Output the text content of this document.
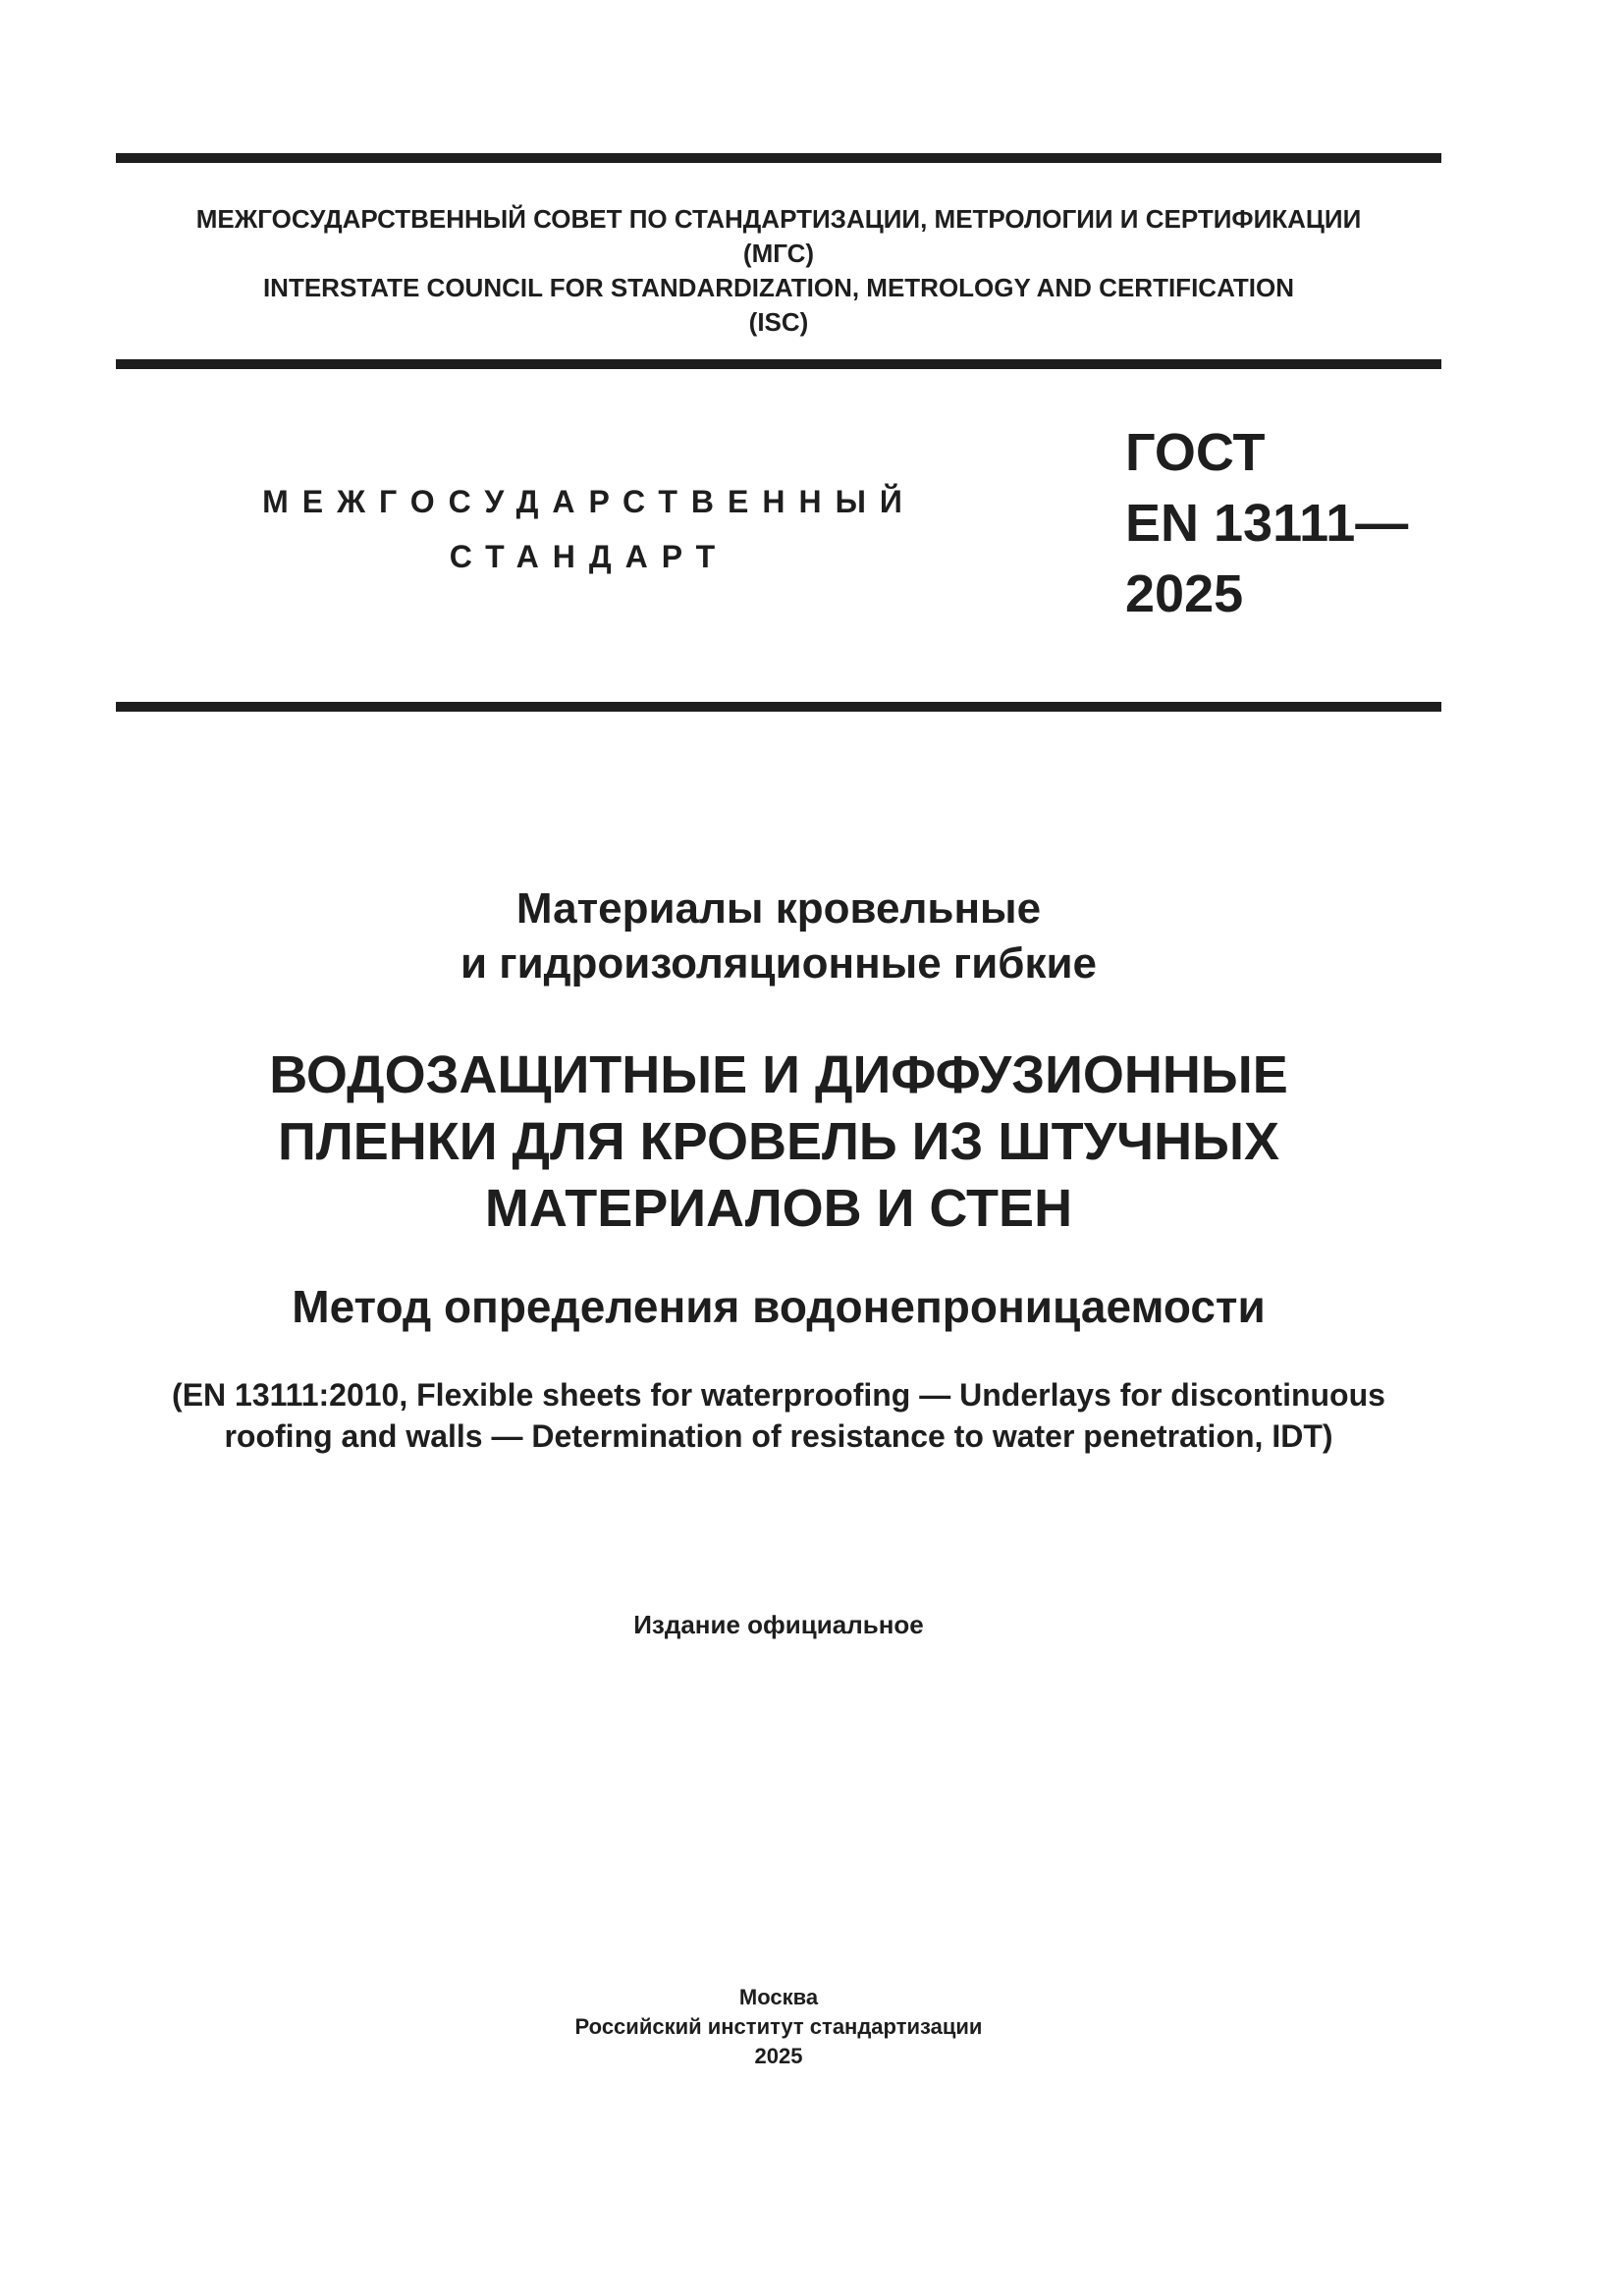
МЕЖГОСУДАРСТВЕННЫЙ СОВЕТ ПО СТАНДАРТИЗАЦИИ, МЕТРОЛОГИИ И СЕРТИФИКАЦИИ
(МГС)
INTERSTATE COUNCIL FOR STANDARDIZATION, METROLOGY AND CERTIFICATION
(ISC)
МЕЖГОСУДАРСТВЕННЫЙ
СТАНДАРТ
ГОСТ
EN 13111—
2025
Материалы кровельные
и гидроизоляционные гибкие
ВОДОЗАЩИТНЫЕ И ДИФФУЗИОННЫЕ
ПЛЕНКИ ДЛЯ КРОВЕЛЬ ИЗ ШТУЧНЫХ
МАТЕРИАЛОВ И СТЕН
Метод определения водонепроницаемости
(EN 13111:2010, Flexible sheets for waterproofing — Underlays for discontinuous
roofing and walls — Determination of resistance to water penetration, IDT)
Издание официальное
Москва
Российский институт стандартизации
2025
